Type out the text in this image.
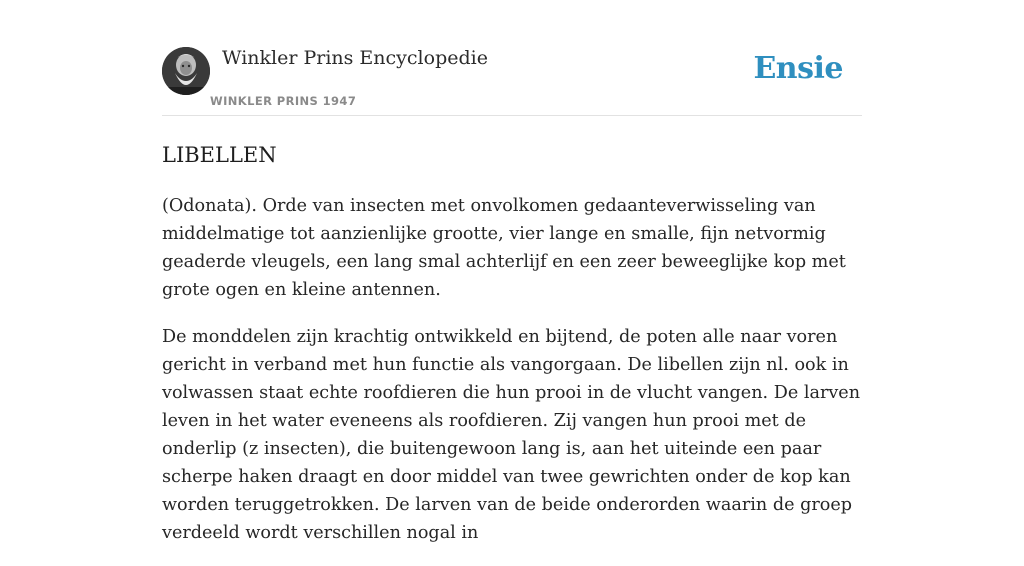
Winkler Prins Encyclopedie
WINKLER PRINS 1947
Ensie
LIBELLEN

(Odonata). Orde van insecten met onvolkomen gedaanteverwisseling van middelmatige tot aanzienlijke grootte, vier lange en smalle, fijn netvormig geaderde vleugels, een lang smal achterlijf en een zeer beweeglijke kop met grote ogen en kleine antennen.

De monddelen zijn krachtig ontwikkeld en bijtend, de poten alle naar voren gericht in verband met hun functie als vangorgaan. De libellen zijn nl. ook in volwassen staat echte roofdieren die hun prooi in de vlucht vangen. De larven leven in het water eveneens als roofdieren. Zij vangen hun prooi met de onderlip (z insecten), die buitengewoon lang is, aan het uiteinde een paar scherpe haken draagt en door middel van twee gewrichten onder de kop kan worden teruggetrokken. De larven van de beide onderorden waarin de groep verdeeld wordt verschillen nogal in
